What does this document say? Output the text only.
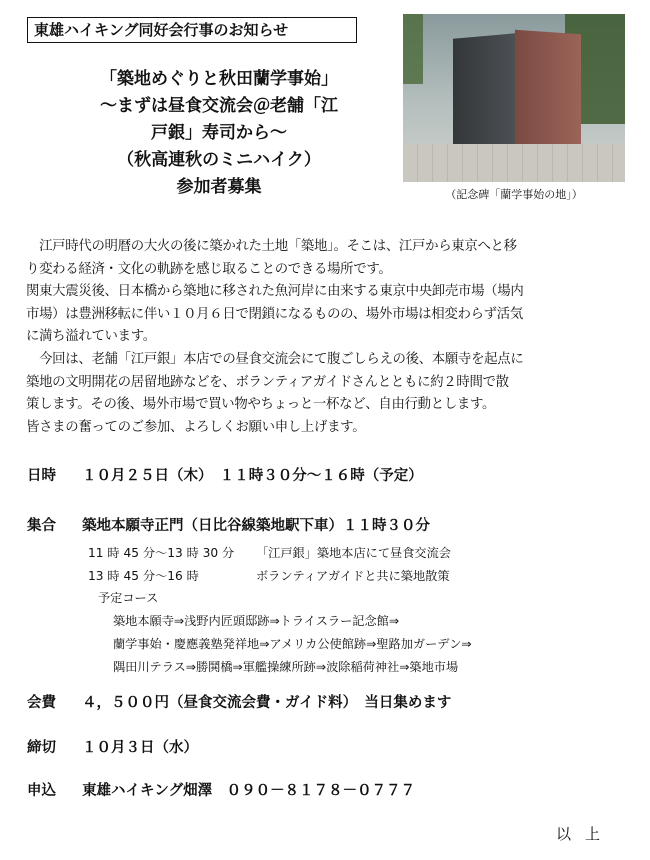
東雄ハイキング同好会行事のお知らせ
「築地めぐりと秋田蘭学事始」
～まずは昼食交流会＠老舗「江
戸銀」寿司から～
（秋高連秋のミニハイク）
参加者募集	（記念碑「蘭学事始の地」）

　江戸時代の明暦の大火の後に築かれた土地「築地」。そこは、江戸から東京へと移

り変わる経済・文化の軌跡を感じ取ることのできる場所です。

関東大震災後、日本橋から築地に移された魚河岸に由来する東京中央卸売市場（場内

市場）は豊洲移転に伴い１０月６日で閉鎖になるものの、場外市場は相変わらず活気

に満ち溢れています。

　今回は、老舗「江戸銀」本店での昼食交流会にて腹ごしらえの後、本願寺を起点に

築地の文明開花の居留地跡などを、ボランティアガイドさんとともに約２時間で散

策します。その後、場外市場で買い物やちょっと一杯など、自由行動とします。

皆さまの奮ってのご参加、よろしくお願い申し上げます。

日時 １０月２５日（木）　１１時３０分～１６時（予定）
集合 築地本願寺正門（日比谷線築地駅下車）１１時３０分
11 時 45 分～13 時 30 分 「江戸銀」築地本店にて昼食交流会
13 時 45 分～16 時	ボランティアガイドと共に築地散策
予定コース
築地本願寺⇒浅野内匠頭邸跡⇒トライスラー記念館⇒
蘭学事始・慶應義塾発祥地⇒アメリカ公使館跡⇒聖路加ガーデン⇒
隅田川テラス⇒勝鬨橋⇒軍艦操練所跡⇒波除稲荷神社⇒築地市場
会費 ４，５００円（昼食交流会費・ガイド料）　当日集めます
締切 １０月３日（水）
申込 東雄ハイキング畑澤　０９０－８１７８－０７７７
以上
